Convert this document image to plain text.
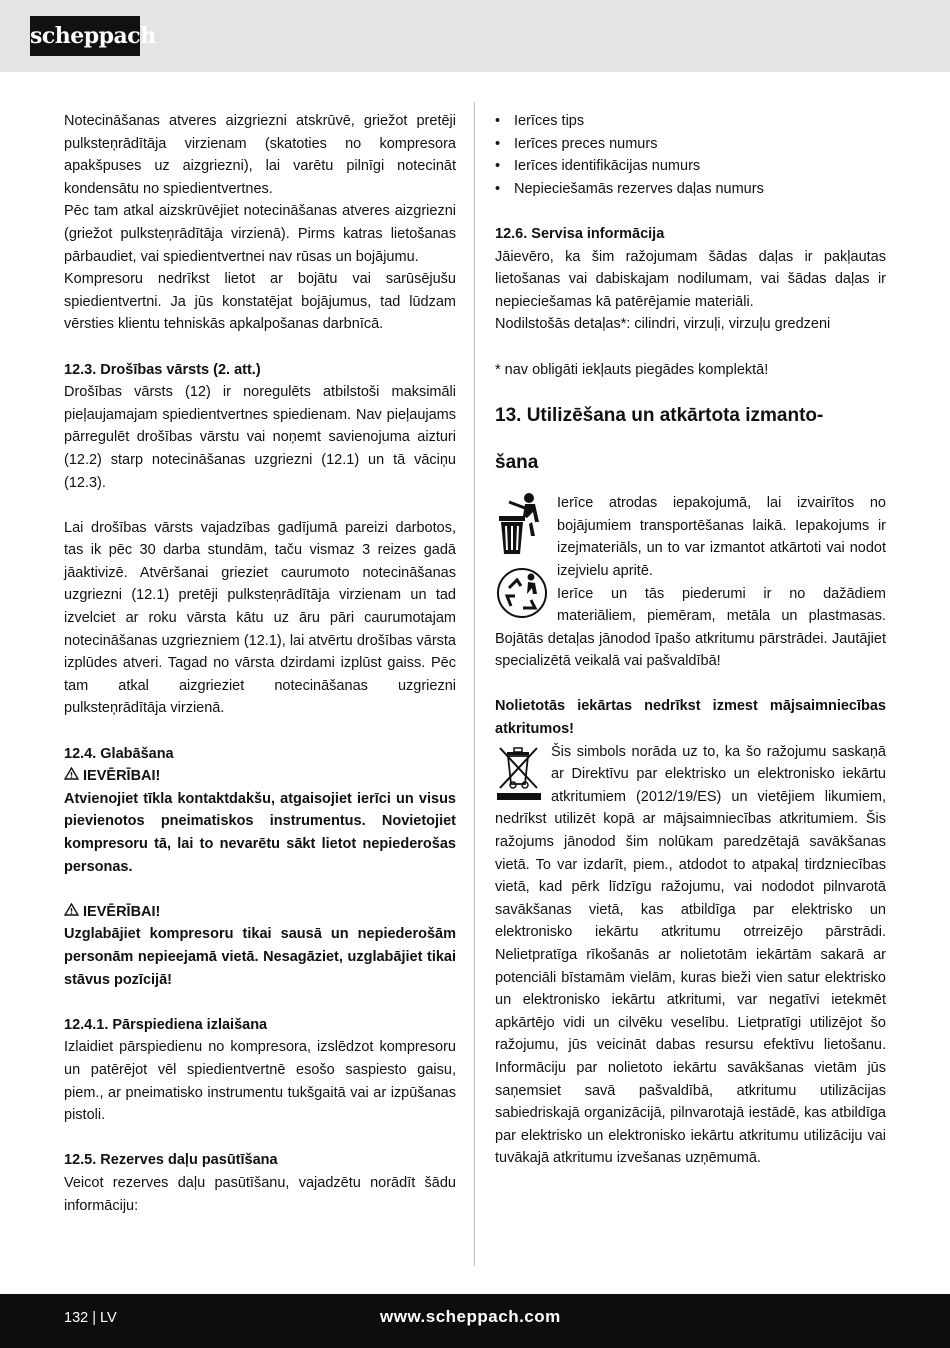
scheppach

Notecināšanas atveres aizgriezni atskrūvē, griežot pretēji pulksteņrādītāja virzienam (skatoties no kompresora apakšpuses uz aizgriezni), lai varētu pilnīgi notecināt kondensātu no spiedientvertnes.

Pēc tam atkal aizskrūvējiet notecināšanas atveres aizgriezni (griežot pulksteņrādītāja virzienā). Pirms katras lietošanas pārbaudiet, vai spiedientvertnei nav rūsas un bojājumu.

Kompresoru nedrīkst lietot ar bojātu vai sarūsējušu spiedientvertni. Ja jūs konstatējat bojājumus, tad lūdzam vērsties klientu tehniskās apkalpošanas darbnīcā.

12.3. Drošības vārsts (2. att.)

Drošības vārsts (12) ir noregulēts atbilstoši maksimāli pieļaujamajam spiedientvertnes spiedienam. Nav pieļaujams pārregulēt drošības vārstu vai noņemt savienojuma aizturi (12.2) starp notecināšanas uzgriezni (12.1) un tā vāciņu (12.3).

Lai drošības vārsts vajadzības gadījumā pareizi darbotos, tas ik pēc 30 darba stundām, taču vismaz 3 reizes gadā jāaktivizē. Atvēršanai grieziet caurumoto notecināšanas uzgriezni (12.1) pretēji pulksteņrādītāja virzienam un tad izvelciet ar roku vārsta kātu uz āru pāri caurumotajam notecināšanas uzgriezniem (12.1), lai atvērtu drošības vārsta izplūdes atveri. Tagad no vārsta dzirdami izplūst gaiss. Pēc tam atkal aizgrieziet notecināšanas uzgriezni pulksteņrādītāja virzienā.

12.4. Glabāšana

IEVĒRĪBAI!

Atvienojiet tīkla kontaktdakšu, atgaisojiet ierīci un visus pievienotos pneimatiskos instrumentus. Novietojiet kompresoru tā, lai to nevarētu sākt lietot nepiederošas personas.

IEVĒRĪBAI!

Uzglabājiet kompresoru tikai sausā un nepiederošām personām nepieejamā vietā. Nesagāziet, uzglabājiet tikai stāvus pozīcijā!

12.4.1. Pārspiediena izlaišana

Izlaidiet pārspiedienu no kompresora, izslēdzot kompresoru un patērējot vēl spiedientvertnē esošo saspiesto gaisu, piem., ar pneimatisko instrumentu tukšgaitā vai ar izpūšanas pistoli.

12.5. Rezerves daļu pasūtīšana

Veicot rezerves daļu pasūtīšanu, vajadzētu norādīt šādu informāciju:

• Ierīces tips
• Ierīces preces numurs
• Ierīces identifikācijas numurs
• Nepieciešamās rezerves daļas numurs

12.6. Servisa informācija

Jāievēro, ka šim ražojumam šādas daļas ir pakļautas lietošanas vai dabiskajam nodilumam, vai šādas daļas ir nepieciešamas kā patērējamie materiāli.

Nodilstošās detaļas*: cilindri, virzuļi, virzuļu gredzeni

* nav obligāti iekļauts piegādes komplektā!

13. Utilizēšana un atkārtota izmanto-

šana

Ierīce atrodas iepakojumā, lai izvairītos no bojājumiem transportēšanas laikā. Iepakojums ir izejmateriāls, un to var izmantot atkārtoti vai nodot izejvielu apritē.

Ierīce un tās piederumi ir no dažādiem materiāliem, piemēram, metāla un plastmasas. Bojātās detaļas jānodod īpašo atkritumu pārstrādei. Jautājiet specializētā veikalā vai pašvaldībā!

Nolietotās iekārtas nedrīkst izmest mājsaimniecības atkritumos!

Šis simbols norāda uz to, ka šo ražojumu saskaņā ar Direktīvu par elektrisko un elektronisko iekārtu atkritumiem (2012/19/ES) un vietējiem likumiem, nedrīkst utilizēt kopā ar mājsaimniecības atkritumiem. Šis ražojums jānodod šim nolūkam paredzētajā savākšanas vietā. To var izdarīt, piem., atdodot to atpakaļ tirdzniecības vietā, kad pērk līdzīgu ražojumu, vai nododot pilnvarotā savākšanas vietā, kas atbildīga par elektrisko un elektronisko iekārtu atkritumu otrreizējo pārstrādi. Nelietpratīga rīkošanās ar nolietotām iekārtām sakarā ar potenciāli bīstamām vielām, kuras bieži vien satur elektrisko un elektronisko iekārtu atkritumi, var negatīvi ietekmēt apkārtējo vidi un cilvēku veselību. Lietpratīgi utilizējot šo ražojumu, jūs veicināt dabas resursu efektīvu lietošanu. Informāciju par nolietoto iekārtu savākšanas vietām jūs saņemsiet savā pašvaldībā, atkritumu utilizācijas sabiedriskajā organizācijā, pilnvarotajā iestādē, kas atbildīga par elektrisko un elektronisko iekārtu atkritumu utilizāciju vai tuvākajā atkritumu izvešanas uzņēmumā.

132 | LV	www.scheppach.com
